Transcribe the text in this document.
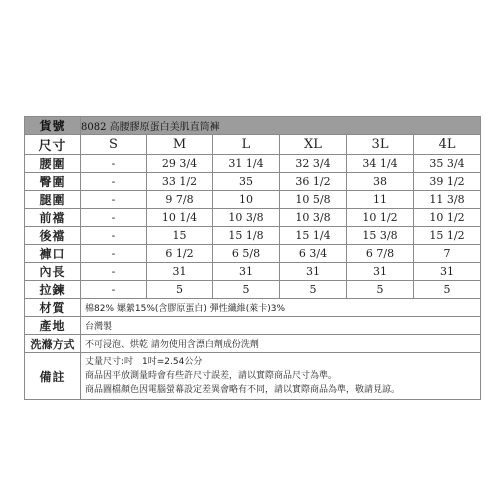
貨號	8082 高腰膠原蛋白美肌直筒褲					
尺寸	S	M	L	XL	3L	4L
腰圍	-	29 3/4	31 1/4	32 3/4	34 1/4	35 3/4
臀圍	-	33 1/2	35	36 1/2	38	39 1/2
腿圍	-	9 7/8	10	10 5/8	11	11 3/8
前襠	-	10 1/4	10 3/8	10 3/8	10 1/2	10 1/2
後襠	-	15	15 1/8	15 1/4	15 3/8	15 1/2
褲口	-	6 1/2	6 5/8	6 3/4	6 7/8	7
內長	-	31	31	31	31	31
拉鍊	-	5	5	5	5	5
材質	棉82% 嫘縈15%(含膠原蛋白) 彈性纖維(萊卡)3%					
產地	台灣製					
洗滌方式	不可浸泡、烘乾 請勿使用含漂白劑成份洗劑					
備註	丈量尺寸:吋　1吋=2.54公分
商品因平放測量時會有些許尺寸誤差，請以實際商品尺寸為準。
商品圖檔顏色因電腦螢幕設定差異會略有不同，請以實際商品為準，敬請見諒。					
